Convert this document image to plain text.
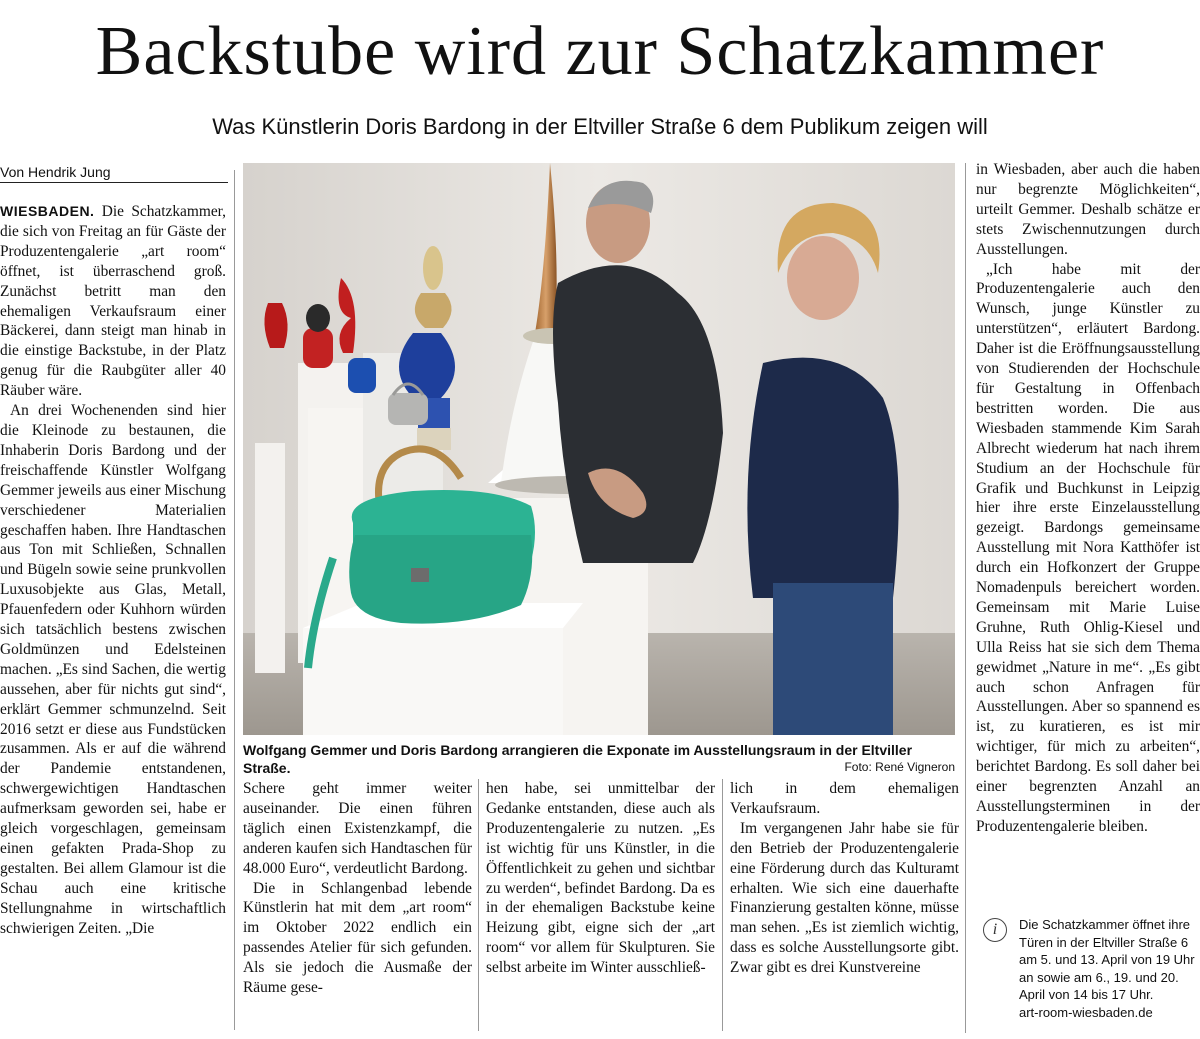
Backstube wird zur Schatzkammer
Was Künstlerin Doris Bardong in der Eltviller Straße 6 dem Publikum zeigen will
Von Hendrik Jung

WIESBADEN. Die Schatzkammer, die sich von Freitag an für Gäste der Produzentengalerie „art room“ öffnet, ist überraschend groß. Zunächst betritt man den ehemaligen Verkaufsraum einer Bäckerei, dann steigt man hinab in die einstige Backstube, in der Platz genug für die Raubgüter aller 40 Räuber wäre.

An drei Wochenenden sind hier die Kleinode zu bestaunen, die Inhaberin Doris Bardong und der freischaffende Künstler Wolfgang Gemmer jeweils aus einer Mischung verschiedener Materialien geschaffen haben. Ihre Handtaschen aus Ton mit Schließen, Schnallen und Bügeln sowie seine prunkvollen Luxusobjekte aus Glas, Metall, Pfauenfedern oder Kuhhorn würden sich tatsächlich bestens zwischen Goldmünzen und Edelsteinen machen. „Es sind Sachen, die wertig aussehen, aber für nichts gut sind“, erklärt Gemmer schmunzelnd. Seit 2016 setzt er diese aus Fundstücken zusammen. Als er auf die während der Pandemie entstandenen, schwergewichtigen Handtaschen aufmerksam geworden sei, habe er gleich vorgeschlagen, gemeinsam einen gefakten Prada-Shop zu gestalten. Bei allem Glamour ist die Schau auch eine kritische Stellungnahme in wirtschaftlich schwierigen Zeiten. „Die

Wolfgang Gemmer und Doris Bardong arrangieren die Exponate im Ausstellungsraum in der Eltviller Straße.	Foto: René Vigneron

Schere geht immer weiter auseinander. Die einen führen täglich einen Existenzkampf, die anderen kaufen sich Handtaschen für 48.000 Euro“, verdeutlicht Bardong.

Die in Schlangenbad lebende Künstlerin hat mit dem „art room“ im Oktober 2022 endlich ein passendes Atelier für sich gefunden. Als sie jedoch die Ausmaße der Räume gese-

hen habe, sei unmittelbar der Gedanke entstanden, diese auch als Produzentengalerie zu nutzen. „Es ist wichtig für uns Künstler, in die Öffentlichkeit zu gehen und sichtbar zu werden“, befindet Bardong. Da es in der ehemaligen Backstube keine Heizung gibt, eigne sich der „art room“ vor allem für Skulpturen. Sie selbst arbeite im Winter ausschließ-

lich in dem ehemaligen Verkaufsraum.

Im vergangenen Jahr habe sie für den Betrieb der Produzentengalerie eine Förderung durch das Kulturamt erhalten. Wie sich eine dauerhafte Finanzierung gestalten könne, müsse man sehen. „Es ist ziemlich wichtig, dass es solche Ausstellungsorte gibt. Zwar gibt es drei Kunstvereine

in Wiesbaden, aber auch die haben nur begrenzte Möglichkeiten“, urteilt Gemmer. Deshalb schätze er stets Zwischennutzungen durch Ausstellungen.

„Ich habe mit der Produzentengalerie auch den Wunsch, junge Künstler zu unterstützen“, erläutert Bardong. Daher ist die Eröffnungsausstellung von Studierenden der Hochschule für Gestaltung in Offenbach bestritten worden. Die aus Wiesbaden stammende Kim Sarah Albrecht wiederum hat nach ihrem Studium an der Hochschule für Grafik und Buchkunst in Leipzig hier ihre erste Einzelausstellung gezeigt. Bardongs gemeinsame Ausstellung mit Nora Katthöfer ist durch ein Hofkonzert der Gruppe Nomadenpuls bereichert worden. Gemeinsam mit Marie Luise Gruhne, Ruth Ohlig-Kiesel und Ulla Reiss hat sie sich dem Thema gewidmet „Nature in me“. „Es gibt auch schon Anfragen für Ausstellungen. Aber so spannend es ist, zu kuratieren, es ist mir wichtiger, für mich zu arbeiten“, berichtet Bardong. Es soll daher bei einer begrenzten Anzahl an Ausstellungsterminen in der Produzentengalerie bleiben.

i	Die Schatzkammer öffnet ihre Türen in der Eltviller Straße 6 am 5. und 13. April von 19 Uhr an sowie am 6., 19. und 20. April von 14 bis 17 Uhr.
art-room-wiesbaden.de
